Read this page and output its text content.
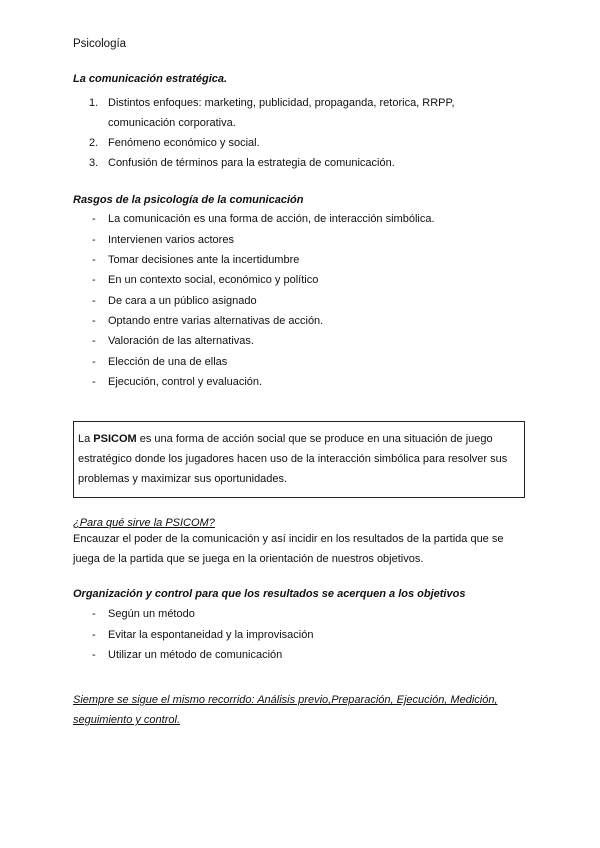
Psicología
La comunicación estratégica.
1. Distintos enfoques: marketing, publicidad, propaganda, retorica, RRPP,
comunicación corporativa.
2. Fenómeno económico y social.
3. Confusión de términos para la estrategia de comunicación.
Rasgos de la psicología de la comunicación
- La comunicación es una forma de acción, de interacción simbólica.
- Intervienen varios actores
- Tomar decisiones ante la incertidumbre
- En un contexto social, económico y político
- De cara a un público asignado
- Optando entre varias alternativas de acción.
- Valoración de las alternativas.
- Elección de una de ellas
- Ejecución, control y evaluación.
La PSICOM es una forma de acción social que se produce en una situación de juego
estratégico donde los jugadores hacen uso de la interacción simbólica para resolver sus
problemas y maximizar sus oportunidades.
¿Para qué sirve la PSICOM?
Encauzar el poder de la comunicación y así incidir en los resultados de la partida que se
juega de la partida que se juega en la orientación de nuestros objetivos.
Organización y control para que los resultados se acerquen a los objetivos
- Según un método
- Evitar la espontaneidad y la improvisación
- Utilizar un método de comunicación
Siempre se sigue el mismo recorrido: Análisis previo,Preparación, Ejecución, Medición,
seguimiento y control.
